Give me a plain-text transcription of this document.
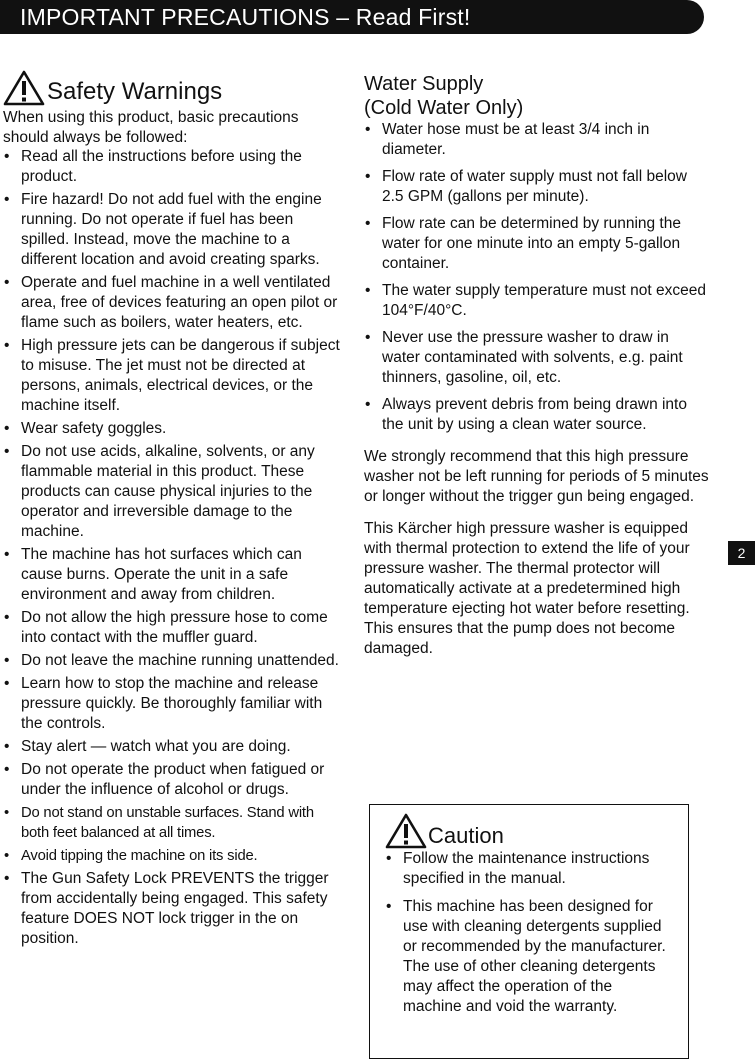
IMPORTANT PRECAUTIONS – Read First!
Safety Warnings
When using this product, basic precautions should always be followed:
• Read all the instructions before using the product.
• Fire hazard! Do not add fuel with the engine running. Do not operate if fuel has been spilled. Instead, move the machine to a different location and avoid creating sparks.
• Operate and fuel machine in a well ventilated area, free of devices featuring an open pilot or flame such as boilers, water heaters, etc.
• High pressure jets can be dangerous if subject to misuse. The jet must not be directed at persons, animals, electrical devices, or the machine itself.
• Wear safety goggles.
• Do not use acids, alkaline, solvents, or any flammable material in this product. These products can cause physical injuries to the operator and irreversible damage to the machine.
• The machine has hot surfaces which can cause burns. Operate the unit in a safe environment and away from children.
• Do not allow the high pressure hose to come into contact with the muffler guard.
• Do not leave the machine running unattended.
• Learn how to stop the machine and release pressure quickly. Be thoroughly familiar with the controls.
• Stay alert — watch what you are doing.
• Do not operate the product when fatigued or under the influence of alcohol or drugs.
• Do not stand on unstable surfaces. Stand with both feet balanced at all times.
• Avoid tipping the machine on its side.
• The Gun Safety Lock PREVENTS the trigger from accidentally being engaged. This safety feature DOES NOT lock trigger in the on position.
Water Supply
(Cold Water Only)
• Water hose must be at least 3/4 inch in diameter.
• Flow rate of water supply must not fall below 2.5 GPM (gallons per minute).
• Flow rate can be determined by running the water for one minute into an empty 5-gallon container.
• The water supply temperature must not exceed 104°F/40°C.
• Never use the pressure washer to draw in water contaminated with solvents, e.g. paint thinners, gasoline, oil, etc.
• Always prevent debris from being drawn into the unit by using a clean water source.
We strongly recommend that this high pressure washer not be left running for periods of 5 minutes or longer without the trigger gun being engaged.
This Kärcher high pressure washer is equipped with thermal protection to extend the life of your pressure washer. The thermal protector will automatically activate at a predetermined high temperature ejecting hot water before resetting. This ensures that the pump does not become damaged.
2
Caution
• Follow the maintenance instructions specified in the manual.
• This machine has been designed for use with cleaning detergents supplied or recommended by the manufacturer. The use of other cleaning detergents may affect the operation of the machine and void the warranty.
